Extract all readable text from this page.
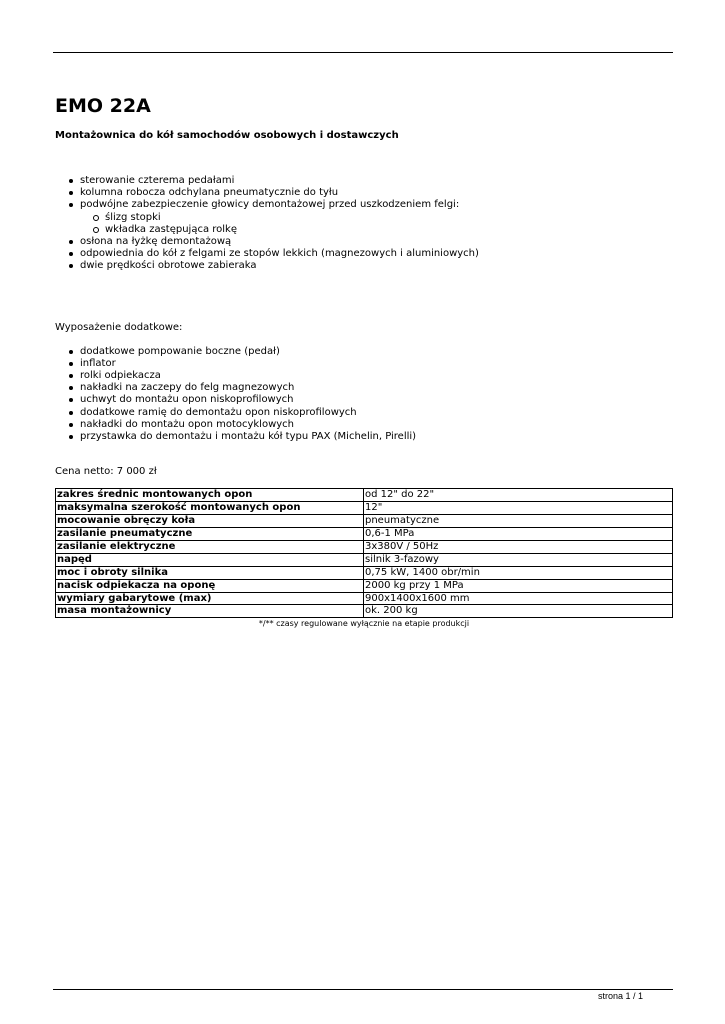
EMO 22A

Montażownica do kół samochodów osobowych i dostawczych

sterowanie czterema pedałami
kolumna robocza odchylana pneumatycznie do tyłu
podwójne zabezpieczenie głowicy demontażowej przed uszkodzeniem felgi:
ślizg stopki
wkładka zastępująca rolkę
osłona na łyżkę demontażową
odpowiednia do kół z felgami ze stopów lekkich (magnezowych i aluminiowych)
dwie prędkości obrotowe zabieraka

Wyposażenie dodatkowe:

dodatkowe pompowanie boczne (pedał)
inflator
rolki odpiekacza
nakładki na zaczepy do felg magnezowych
uchwyt do montażu opon niskoprofilowych
dodatkowe ramię do demontażu opon niskoprofilowych
nakładki do montażu opon motocyklowych
przystawka do demontażu i montażu kół typu PAX (Michelin, Pirelli)

Cena netto: 7 000 zł

zakres średnic montowanych opon	od 12" do 22"
maksymalna szerokość montowanych opon	12"
mocowanie obręczy koła	pneumatyczne
zasilanie pneumatyczne	0,6-1 MPa
zasilanie elektryczne	3x380V / 50Hz
napęd	silnik 3-fazowy
moc i obroty silnika	0,75 kW, 1400 obr/min
nacisk odpiekacza na oponę	2000 kg przy 1 MPa
wymiary gabarytowe (max)	900x1400x1600 mm
masa montażownicy	ok. 200 kg
*/** czasy regulowane wyłącznie na etapie produkcji
strona 1 / 1
